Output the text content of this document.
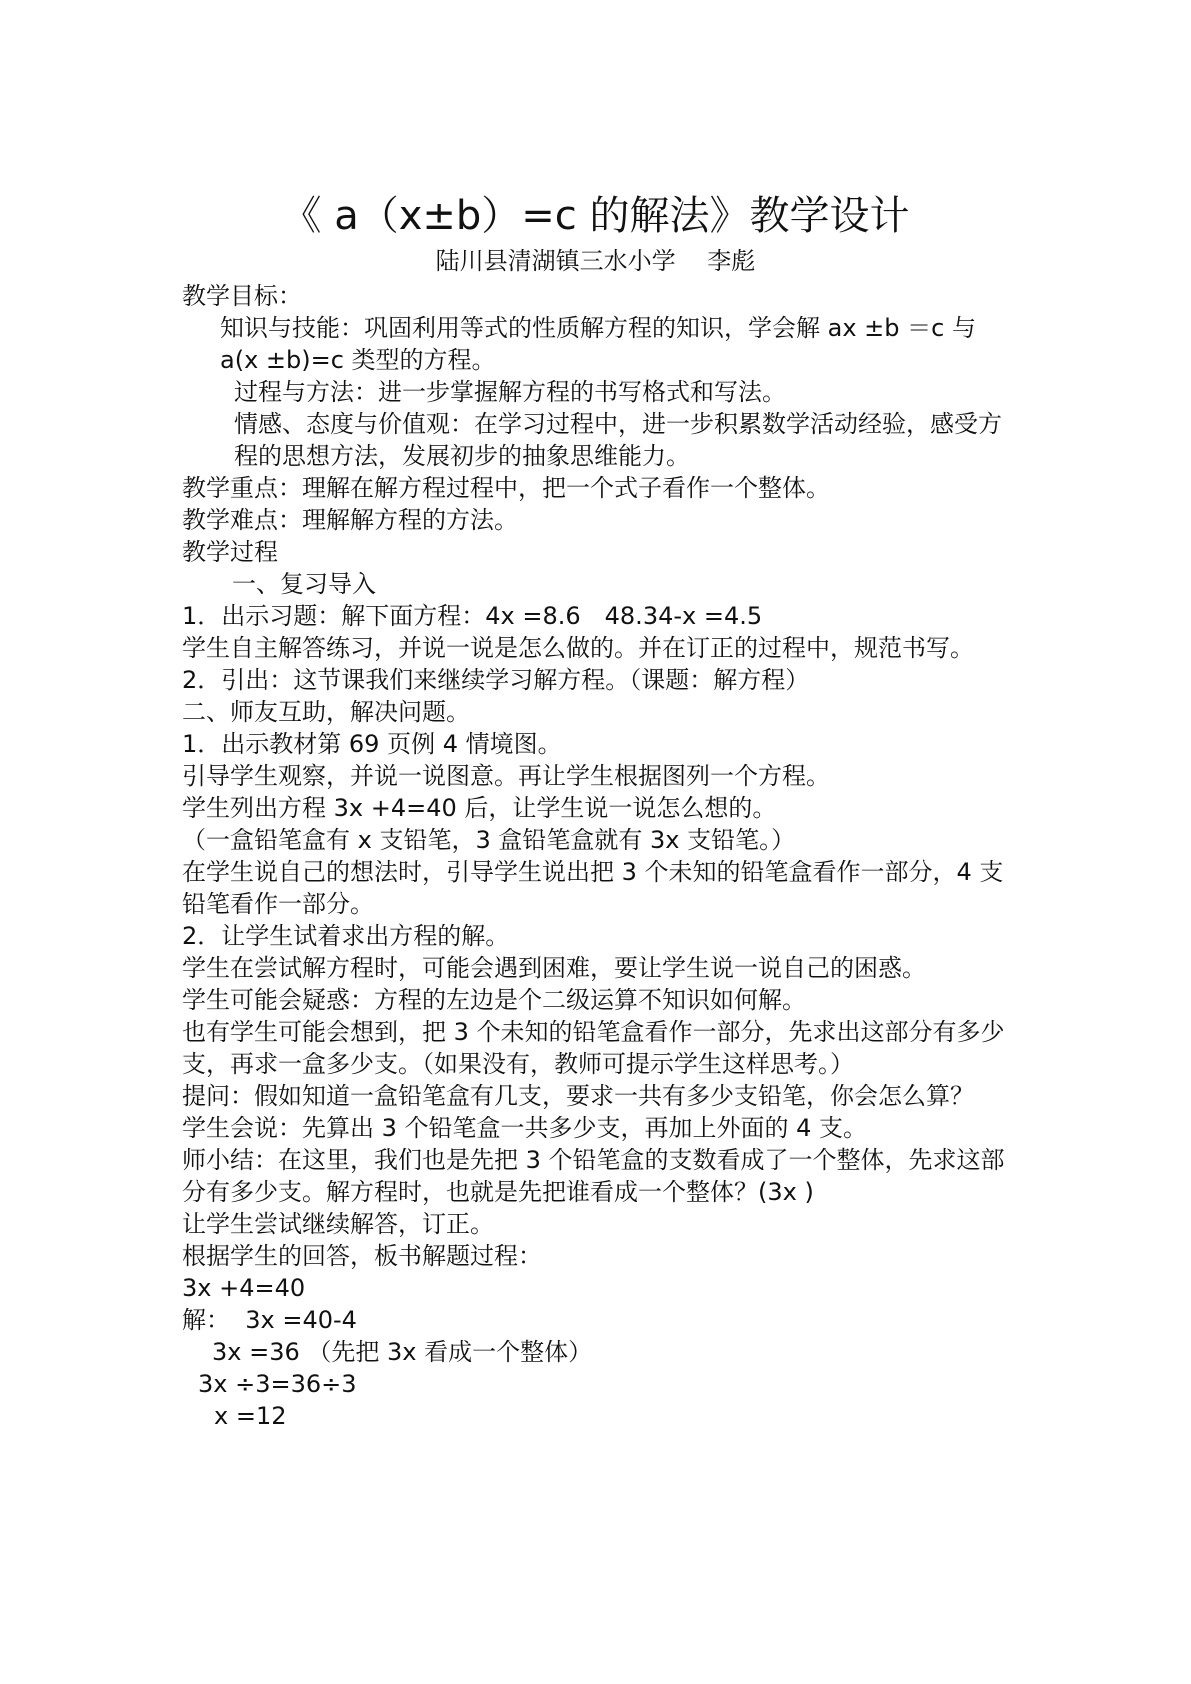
《 a（x±b）=c 的解法》教学设计
陆川县清湖镇三水小学　 李彪

教学目标：

知识与技能：巩固利用等式的性质解方程的知识，学会解 ax ±b ＝c 与 a(x ±b)=c 类型的方程。

过程与方法：进一步掌握解方程的书写格式和写法。

情感、态度与价值观：在学习过程中，进一步积累数学活动经验，感受方程的思想方法，发展初步的抽象思维能力。

教学重点：理解在解方程过程中，把一个式子看作一个整体。

教学难点：理解解方程的方法。

教学过程

一、复习导入

1．出示习题：解下面方程：4x =8.6　48.34-x =4.5

学生自主解答练习，并说一说是怎么做的。并在订正的过程中，规范书写。

2．引出：这节课我们来继续学习解方程。（课题：解方程）

二、师友互助，解决问题。

1．出示教材第 69 页例 4 情境图。

引导学生观察，并说一说图意。再让学生根据图列一个方程。

学生列出方程 3x +4=40 后，让学生说一说怎么想的。

（一盒铅笔盒有 x 支铅笔，3 盒铅笔盒就有 3x 支铅笔。）

在学生说自己的想法时，引导学生说出把 3 个未知的铅笔盒看作一部分，4 支铅笔看作一部分。

2．让学生试着求出方程的解。

学生在尝试解方程时，可能会遇到困难，要让学生说一说自己的困惑。

学生可能会疑惑：方程的左边是个二级运算不知识如何解。

也有学生可能会想到，把 3 个未知的铅笔盒看作一部分，先求出这部分有多少支，再求一盒多少支。（如果没有，教师可提示学生这样思考。）

提问：假如知道一盒铅笔盒有几支，要求一共有多少支铅笔，你会怎么算？

学生会说：先算出 3 个铅笔盒一共多少支，再加上外面的 4 支。

师小结：在这里，我们也是先把 3 个铅笔盒的支数看成了一个整体，先求这部分有多少支。解方程时，也就是先把谁看成一个整体？(3x )

让学生尝试继续解答，订正。

根据学生的回答，板书解题过程：

3x +4=40

解：  3x =40-4

3x =36 （先把 3x 看成一个整体）

3x ÷3=36÷3

x =12
